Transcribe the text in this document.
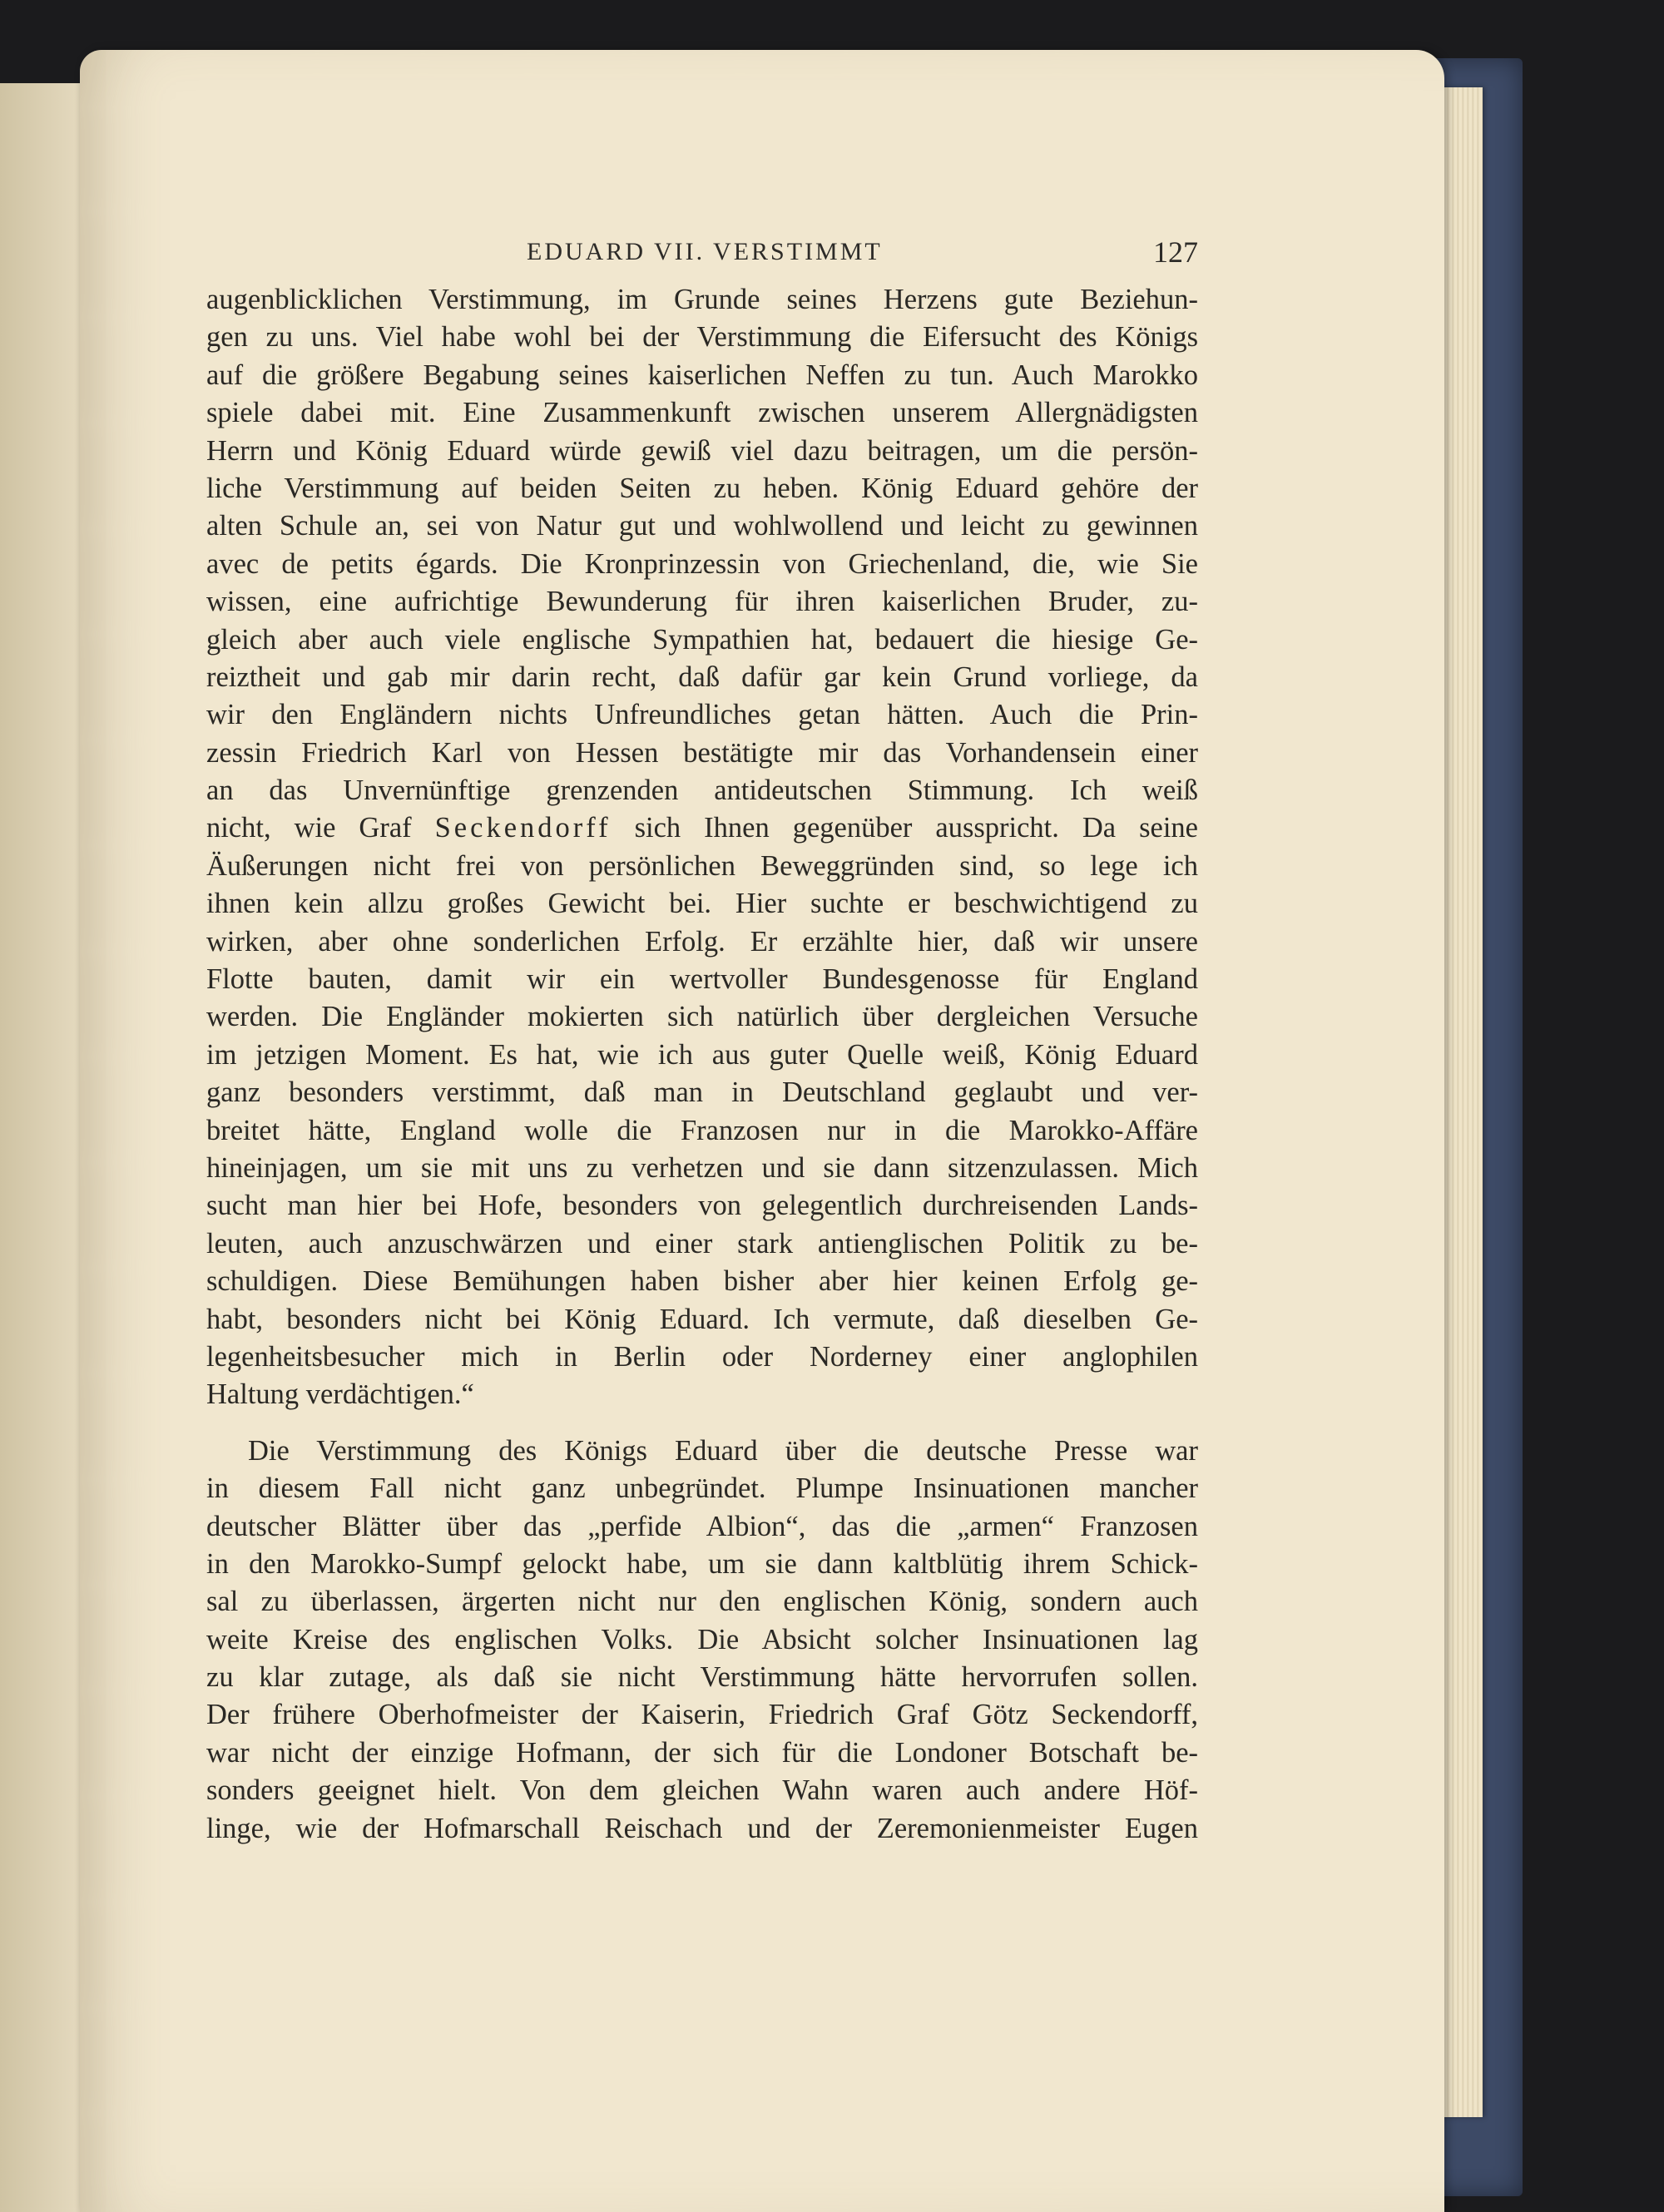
EDUARD VII. VERSTIMMT	127
augenblicklichen Verstimmung, im Grunde seines Herzens gute Beziehun-
gen zu uns. Viel habe wohl bei der Verstimmung die Eifersucht des Königs
auf die größere Begabung seines kaiserlichen Neffen zu tun. Auch Marokko
spiele dabei mit. Eine Zusammenkunft zwischen unserem Allergnädigsten
Herrn und König Eduard würde gewiß viel dazu beitragen, um die persön-
liche Verstimmung auf beiden Seiten zu heben. König Eduard gehöre der
alten Schule an, sei von Natur gut und wohlwollend und leicht zu gewinnen
avec de petits égards. Die Kronprinzessin von Griechenland, die, wie Sie
wissen, eine aufrichtige Bewunderung für ihren kaiserlichen Bruder, zu-
gleich aber auch viele englische Sympathien hat, bedauert die hiesige Ge-
reiztheit und gab mir darin recht, daß dafür gar kein Grund vorliege, da
wir den Engländern nichts Unfreundliches getan hätten. Auch die Prin-
zessin Friedrich Karl von Hessen bestätigte mir das Vorhandensein einer
an das Unvernünftige grenzenden antideutschen Stimmung. Ich weiß
nicht, wie Graf Seckendorff sich Ihnen gegenüber ausspricht. Da seine
Äußerungen nicht frei von persönlichen Beweggründen sind, so lege ich
ihnen kein allzu großes Gewicht bei. Hier suchte er beschwichtigend zu
wirken, aber ohne sonderlichen Erfolg. Er erzählte hier, daß wir unsere
Flotte bauten, damit wir ein wertvoller Bundesgenosse für England
werden. Die Engländer mokierten sich natürlich über dergleichen Versuche
im jetzigen Moment. Es hat, wie ich aus guter Quelle weiß, König Eduard
ganz besonders verstimmt, daß man in Deutschland geglaubt und ver-
breitet hätte, England wolle die Franzosen nur in die Marokko-Affäre
hineinjagen, um sie mit uns zu verhetzen und sie dann sitzenzulassen. Mich
sucht man hier bei Hofe, besonders von gelegentlich durchreisenden Lands-
leuten, auch anzuschwärzen und einer stark antienglischen Politik zu be-
schuldigen. Diese Bemühungen haben bisher aber hier keinen Erfolg ge-
habt, besonders nicht bei König Eduard. Ich vermute, daß dieselben Ge-
legenheitsbesucher mich in Berlin oder Norderney einer anglophilen
Haltung verdächtigen.“
Die Verstimmung des Königs Eduard über die deutsche Presse war
in diesem Fall nicht ganz unbegründet. Plumpe Insinuationen mancher
deutscher Blätter über das „perfide Albion“, das die „armen“ Franzosen
in den Marokko-Sumpf gelockt habe, um sie dann kaltblütig ihrem Schick-
sal zu überlassen, ärgerten nicht nur den englischen König, sondern auch
weite Kreise des englischen Volks. Die Absicht solcher Insinuationen lag
zu klar zutage, als daß sie nicht Verstimmung hätte hervorrufen sollen.
Der frühere Oberhofmeister der Kaiserin, Friedrich Graf Götz Seckendorff,
war nicht der einzige Hofmann, der sich für die Londoner Botschaft be-
sonders geeignet hielt. Von dem gleichen Wahn waren auch andere Höf-
linge, wie der Hofmarschall Reischach und der Zeremonienmeister Eugen
